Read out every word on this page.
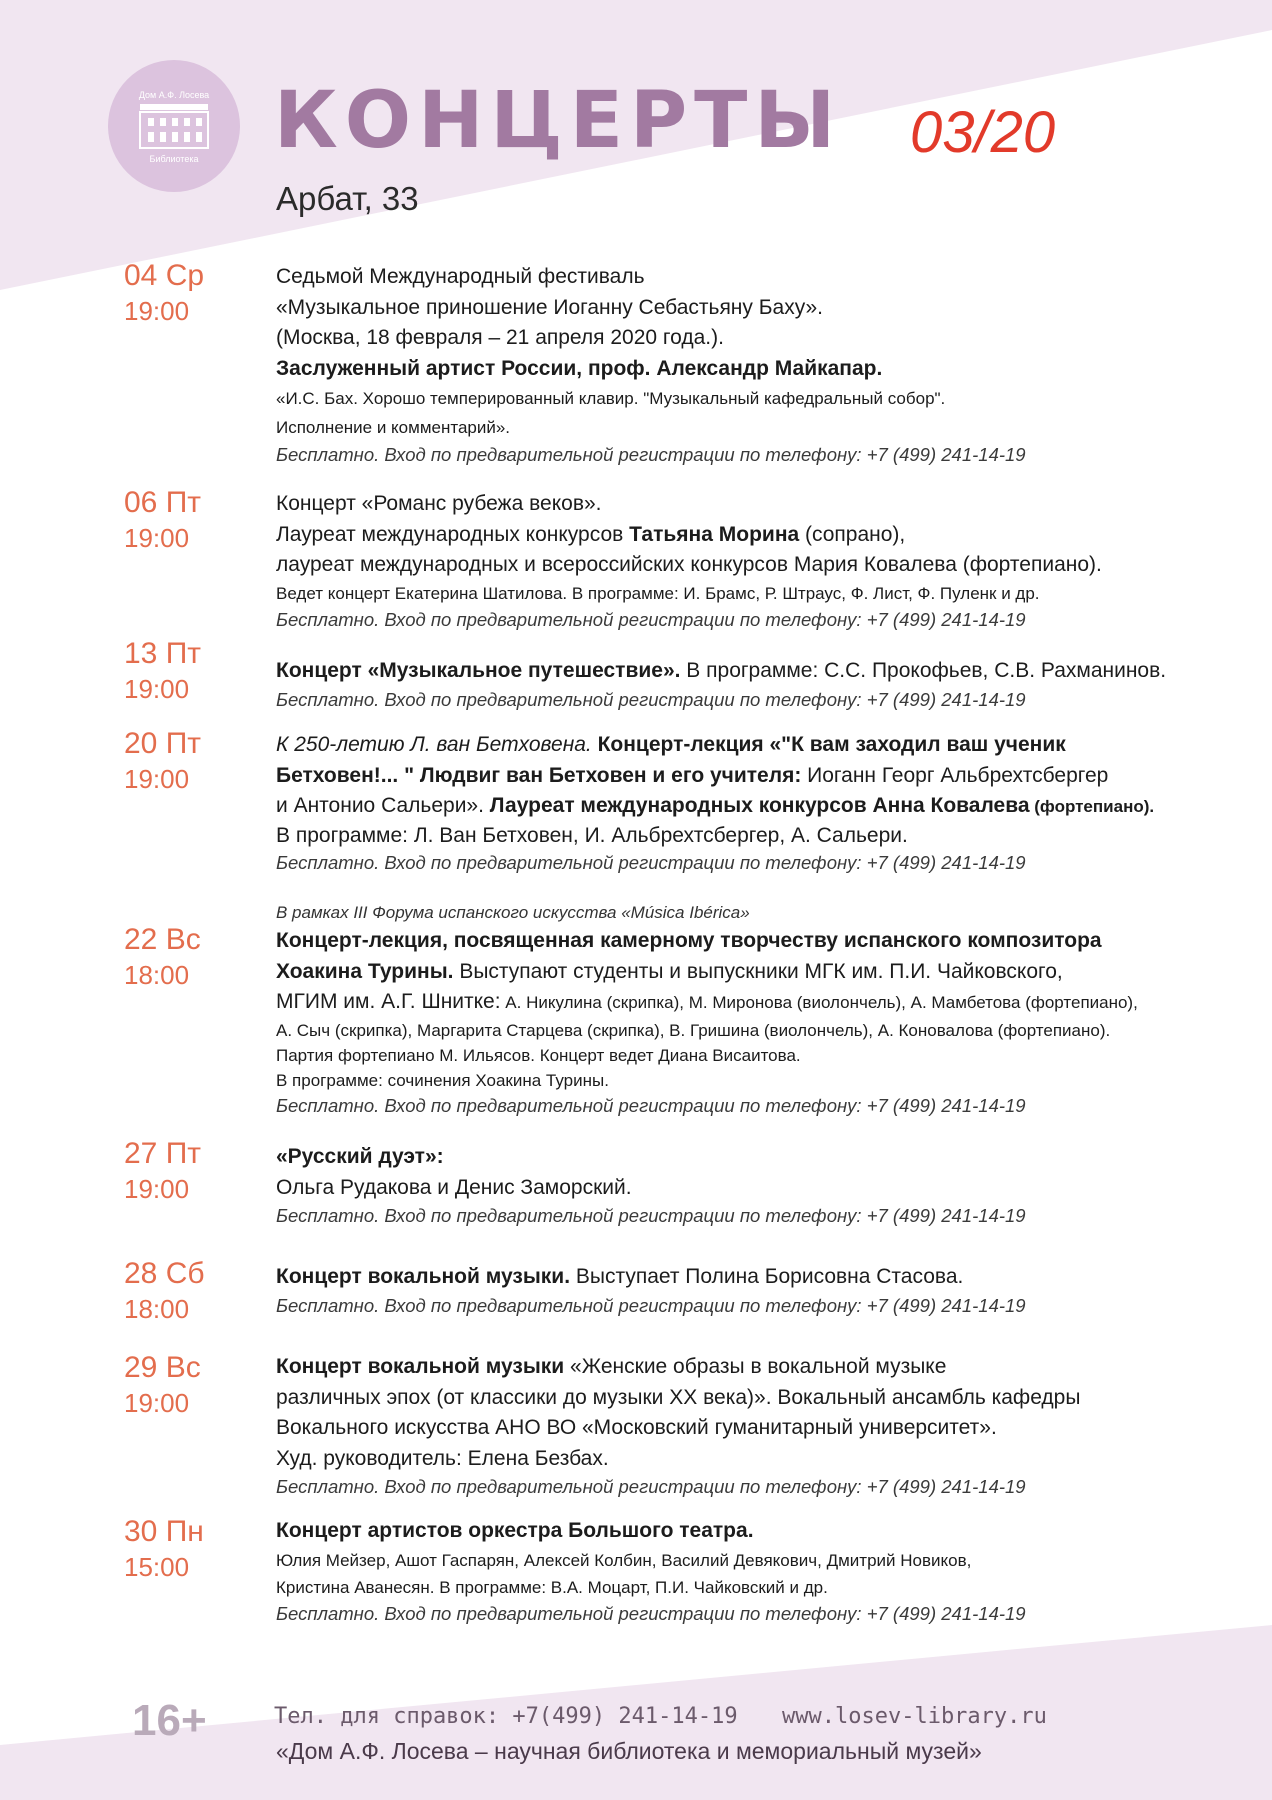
Дом А.Ф. Лосева
Библиотека КОНЦЕРТЫ 03/20
Арбат, 33
04 Ср
19:00
Седьмой Международный фестиваль
«Музыкальное приношение Иоганну Себастьяну Баху».
(Москва, 18 февраля – 21 апреля 2020 года.).
Заслуженный артист России, проф. Александр Майкапар.
«И.С. Бах. Хорошо темперированный клавир. "Музыкальный кафедральный собор".
Исполнение и комментарий».
Бесплатно. Вход по предварительной регистрации по телефону: +7 (499) 241-14-19
06 Пт
19:00
Концерт «Романс рубежа веков».
Лауреат международных конкурсов Татьяна Морина (сопрано),
лауреат международных и всероссийских конкурсов Мария Ковалева (фортепиано).
Ведет концерт Екатерина Шатилова. В программе: И. Брамс, Р. Штраус, Ф. Лист, Ф. Пуленк и др.
Бесплатно. Вход по предварительной регистрации по телефону: +7 (499) 241-14-19
13 Пт
19:00
Концерт «Музыкальное путешествие». В программе: С.С. Прокофьев, С.В. Рахманинов.
Бесплатно. Вход по предварительной регистрации по телефону: +7 (499) 241-14-19
20 Пт
19:00
К 250-летию Л. ван Бетховена. Концерт-лекция «"К вам заходил ваш ученик
Бетховен!... " Людвиг ван Бетховен и его учителя: Иоганн Георг Альбрехтсбергер
и Антонио Сальери». Лауреат международных конкурсов Анна Ковалева (фортепиано).
В программе: Л. Ван Бетховен, И. Альбрехтсбергер, А. Сальери.
Бесплатно. Вход по предварительной регистрации по телефону: +7 (499) 241-14-19
22 Вс
18:00
В рамках III Форума испанского искусства «Música Ibérica»
Концерт-лекция, посвященная камерному творчеству испанского композитора
Хоакина Турины. Выступают студенты и выпускники МГК им. П.И. Чайковского,
МГИМ им. А.Г. Шнитке: А. Никулина (скрипка), М. Миронова (виолончель), А. Мамбетова (фортепиано),
А. Сыч (скрипка), Маргарита Старцева (скрипка), В. Гришина (виолончель), А. Коновалова (фортепиано).
Партия фортепиано М. Ильясов. Концерт ведет Диана Висаитова.
В программе: сочинения Хоакина Турины.
Бесплатно. Вход по предварительной регистрации по телефону: +7 (499) 241-14-19
27 Пт
19:00
«Русский дуэт»:
Ольга Рудакова и Денис Заморский.
Бесплатно. Вход по предварительной регистрации по телефону: +7 (499) 241-14-19
28 Сб
18:00
Концерт вокальной музыки. Выступает Полина Борисовна Стасова.
Бесплатно. Вход по предварительной регистрации по телефону: +7 (499) 241-14-19
29 Вс
19:00
Концерт вокальной музыки «Женские образы в вокальной музыке
различных эпох (от классики до музыки XX века)». Вокальный ансамбль кафедры
Вокального искусства АНО ВО «Московский гуманитарный университет».
Худ. руководитель: Елена Безбах.
Бесплатно. Вход по предварительной регистрации по телефону: +7 (499) 241-14-19
30 Пн
15:00
Концерт артистов оркестра Большого театра.
Юлия Мейзер, Ашот Гаспарян, Алексей Колбин, Василий Девякович, Дмитрий Новиков,
Кристина Аванесян. В программе: В.А. Моцарт, П.И. Чайковский и др.
Бесплатно. Вход по предварительной регистрации по телефону: +7 (499) 241-14-19
16+	Тел. для справок: +7(499) 241-14-19 www.losev-library.ru
«Дом А.Ф. Лосева – научная библиотека и мемориальный музей»
